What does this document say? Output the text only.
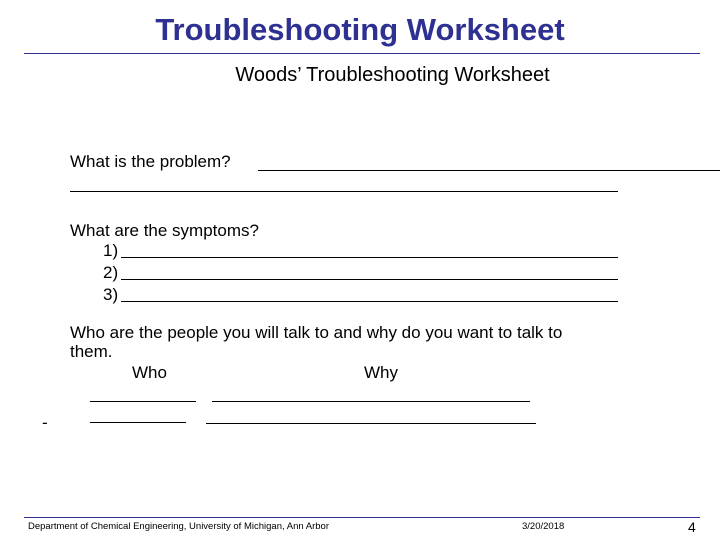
Troubleshooting Worksheet
Woods’ Troubleshooting Worksheet
What is the problem?
What are the symptoms?
1)
2)
3)
Who are the people you will talk to and why do you want to talk to
them.
Who	Why
-
Department of Chemical Engineering, University of Michigan, Ann Arbor	3/20/2018	4
